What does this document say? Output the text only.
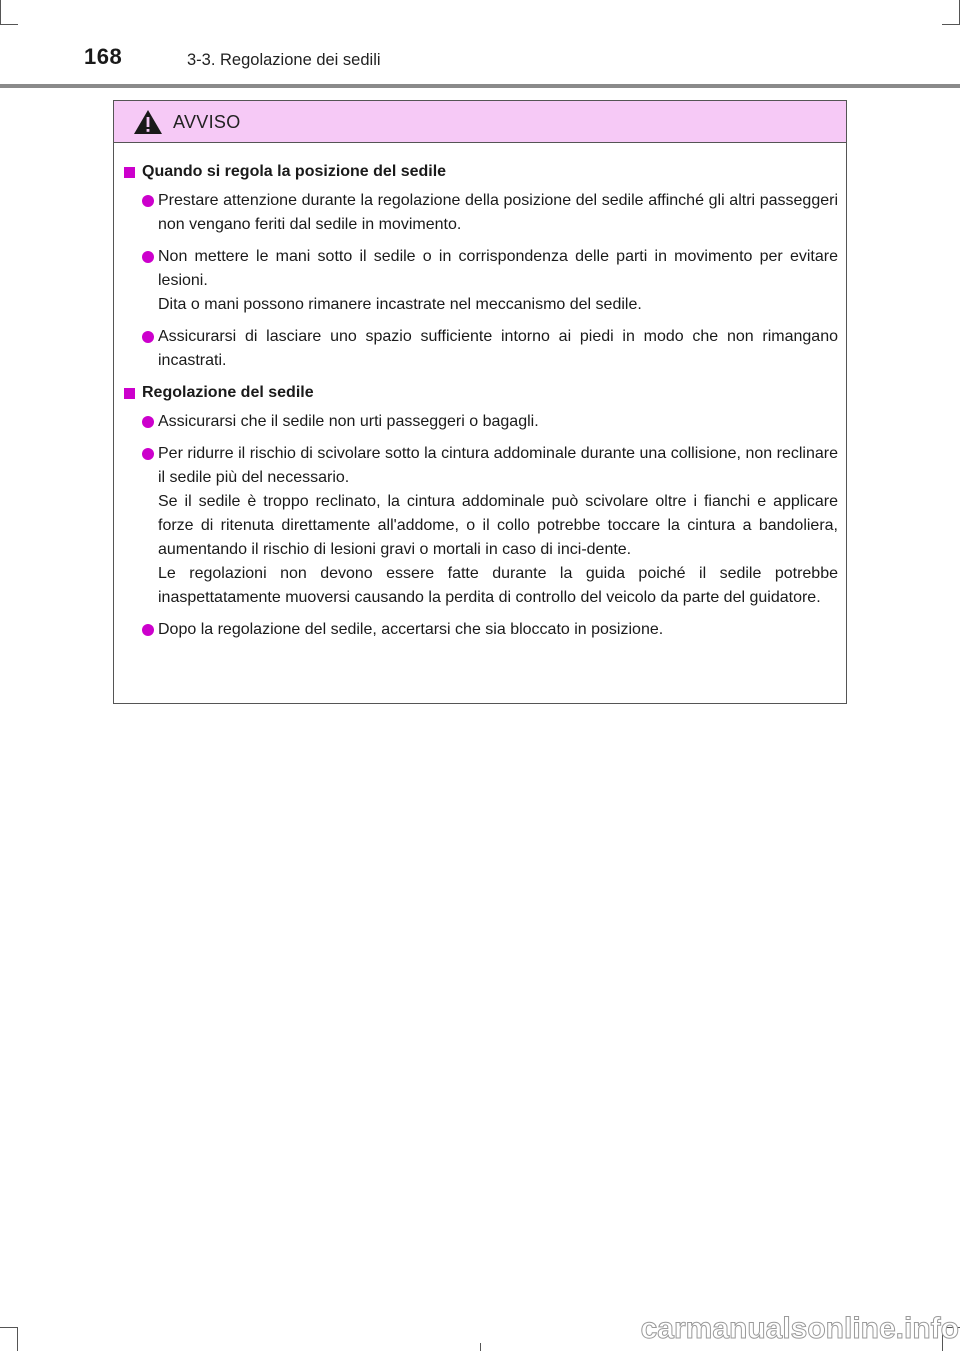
168	3-3. Regolazione dei sedili
AVVISO
Quando si regola la posizione del sedile
Prestare attenzione durante la regolazione della posizione del sedile affinché gli altri passeggeri non vengano feriti dal sedile in movimento.
Non mettere le mani sotto il sedile o in corrispondenza delle parti in movimento per evitare lesioni.
Dita o mani possono rimanere incastrate nel meccanismo del sedile.
Assicurarsi di lasciare uno spazio sufficiente intorno ai piedi in modo che non rimangano incastrati.
Regolazione del sedile
Assicurarsi che il sedile non urti passeggeri o bagagli.
Per ridurre il rischio di scivolare sotto la cintura addominale durante una collisione, non reclinare il sedile più del necessario.
Se il sedile è troppo reclinato, la cintura addominale può scivolare oltre i fianchi e applicare forze di ritenuta direttamente all'addome, o il collo potrebbe toccare la cintura a bandoliera, aumentando il rischio di lesioni gravi o mortali in caso di inci-dente.
Le regolazioni non devono essere fatte durante la guida poiché il sedile potrebbe inaspettatamente muoversi causando la perdita di controllo del veicolo da parte del guidatore.
Dopo la regolazione del sedile, accertarsi che sia bloccato in posizione.
carmanualsonline.info
